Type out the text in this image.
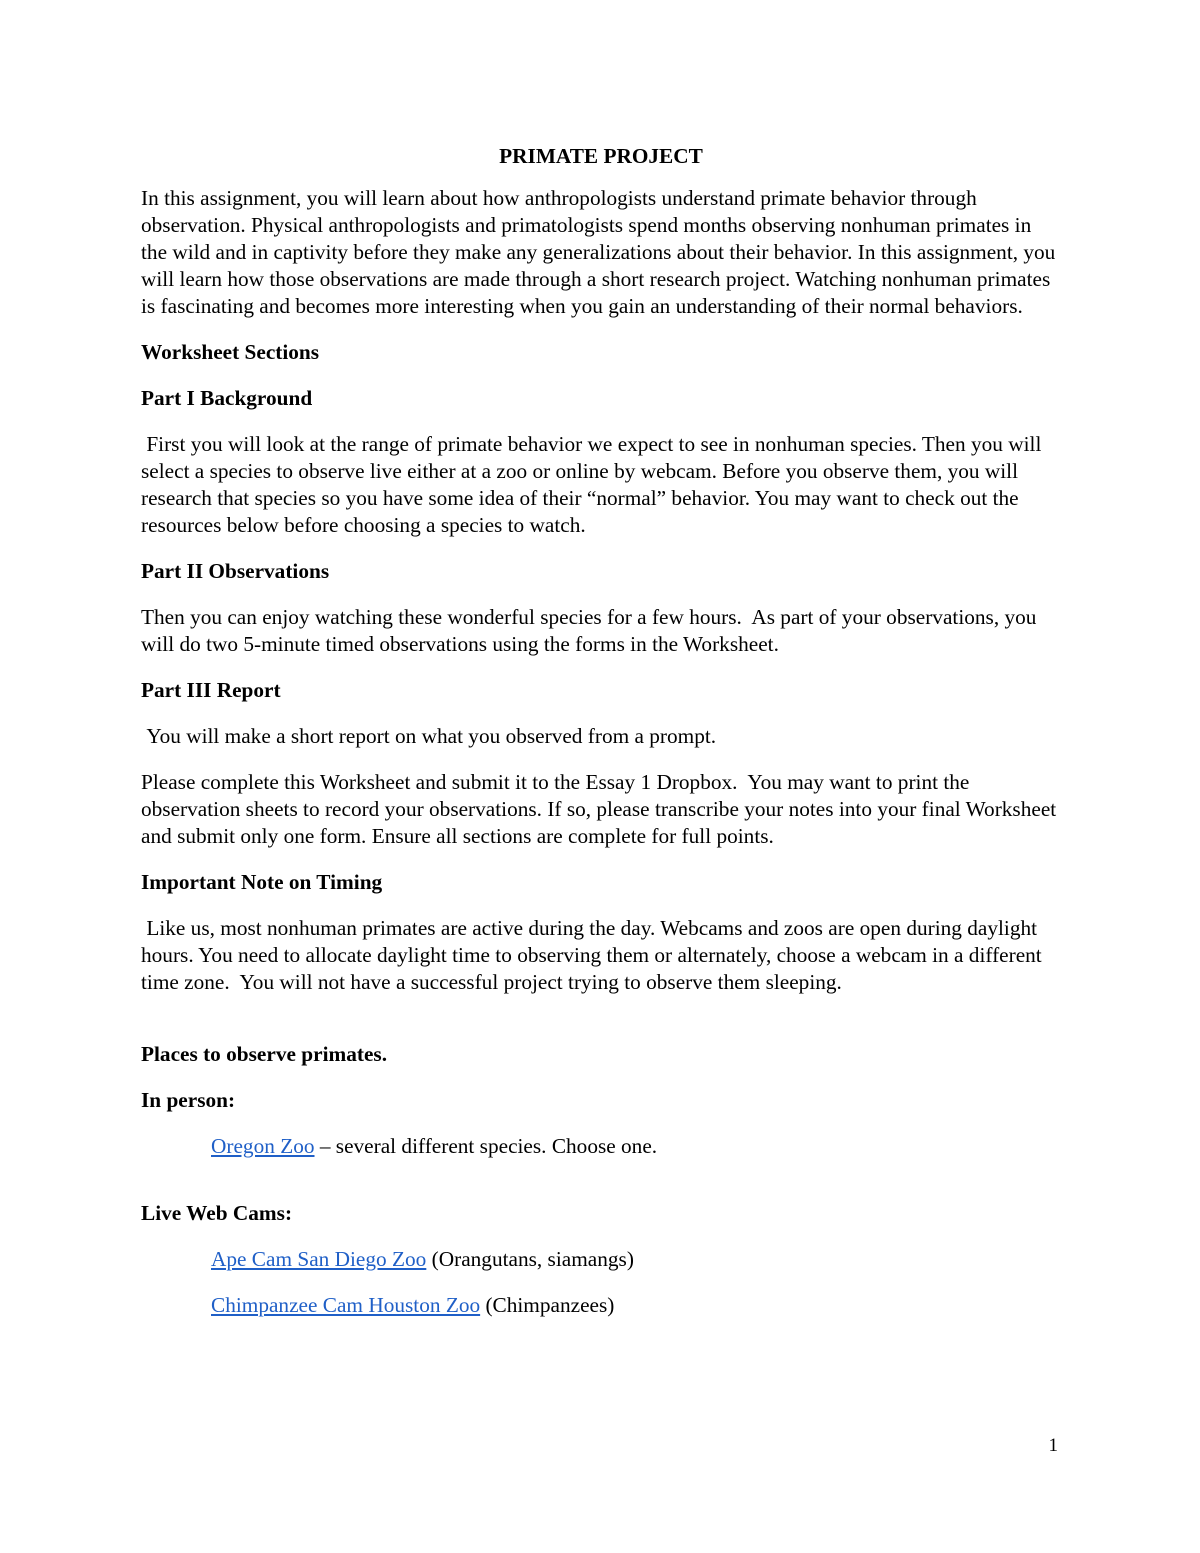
PRIMATE PROJECT

In this assignment, you will learn about how anthropologists understand primate behavior through observation. Physical anthropologists and primatologists spend months observing nonhuman primates in the wild and in captivity before they make any generalizations about their behavior. In this assignment, you will learn how those observations are made through a short research project. Watching nonhuman primates is fascinating and becomes more interesting when you gain an understanding of their normal behaviors.

Worksheet Sections
Part I Background

First you will look at the range of primate behavior we expect to see in nonhuman species. Then you will select a species to observe live either at a zoo or online by webcam. Before you observe them, you will research that species so you have some idea of their “normal” behavior. You may want to check out the resources below before choosing a species to watch.

Part II Observations

Then you can enjoy watching these wonderful species for a few hours.  As part of your observations, you will do two 5-minute timed observations using the forms in the Worksheet.

Part III Report

You will make a short report on what you observed from a prompt.

Please complete this Worksheet and submit it to the Essay 1 Dropbox.  You may want to print the observation sheets to record your observations. If so, please transcribe your notes into your final Worksheet and submit only one form. Ensure all sections are complete for full points.

Important Note on Timing

Like us, most nonhuman primates are active during the day. Webcams and zoos are open during daylight hours. You need to allocate daylight time to observing them or alternately, choose a webcam in a different time zone.  You will not have a successful project trying to observe them sleeping.

Places to observe primates.
In person:

Oregon Zoo – several different species. Choose one.

Live Web Cams:

Ape Cam San Diego Zoo (Orangutans, siamangs)

Chimpanzee Cam Houston Zoo (Chimpanzees)

1
